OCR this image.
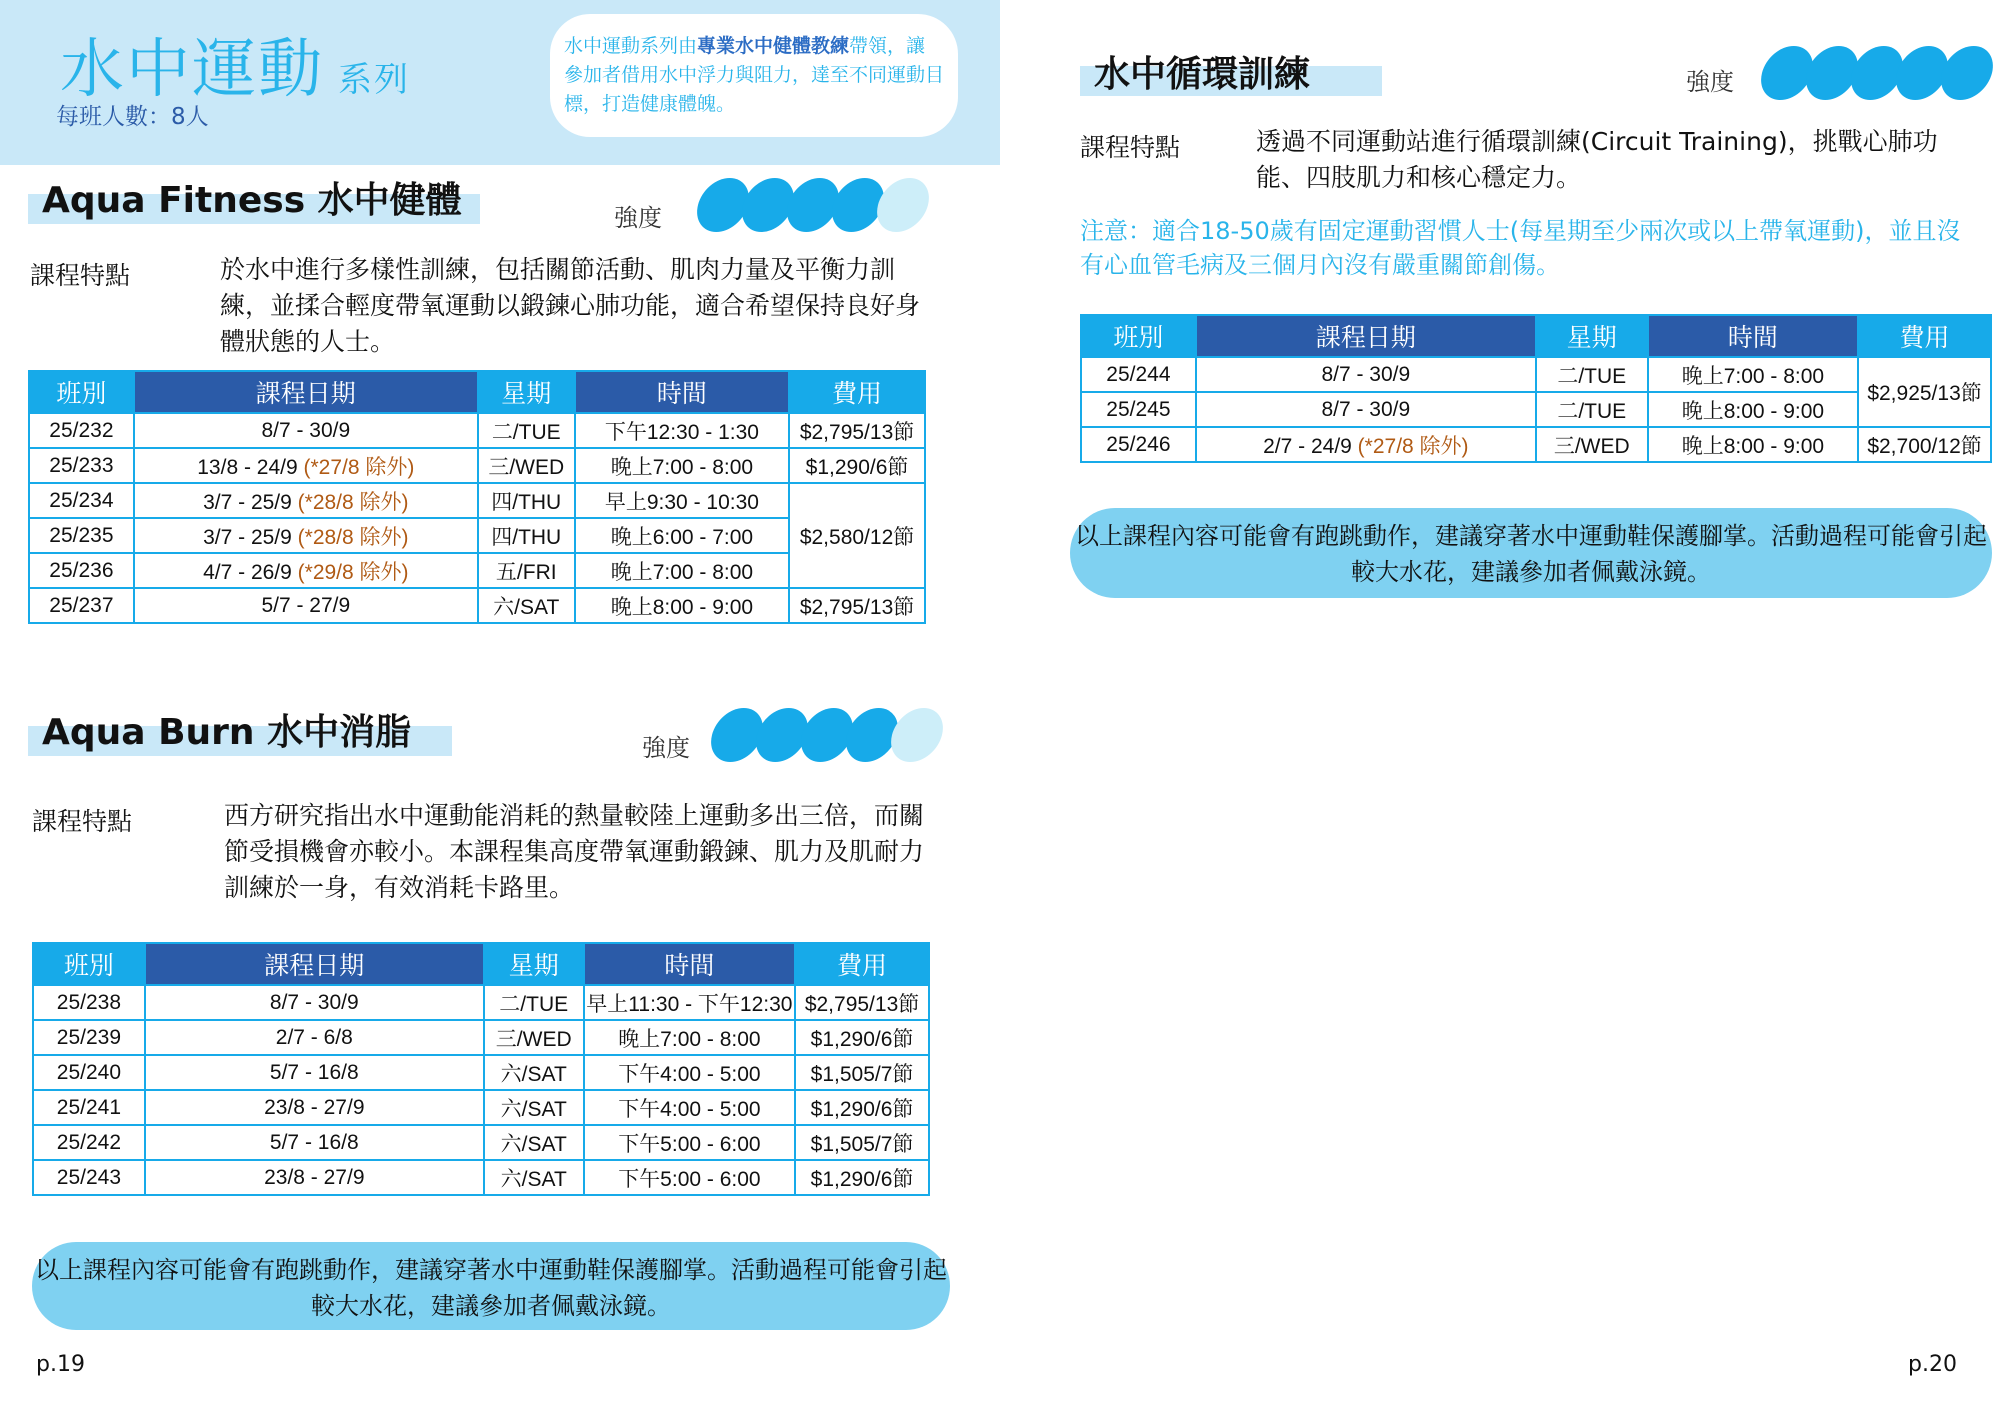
水中運動 系列
每班人數：8人
水中運動系列由專業水中健體教練帶領，讓參加者借用水中浮力與阻力，達至不同運動目標，打造健康體魄。
Aqua Fitness 水中健體	強度
課程特點	於水中進行多樣性訓練，包括關節活動、肌肉力量及平衡力訓練，並揉合輕度帶氧運動以鍛鍊心肺功能，適合希望保持良好身體狀態的人士。
班別	課程日期	星期	時間	費用
25/232	8/7 - 30/9	二/TUE	下午12:30 - 1:30	$2,795/13節
25/233	13/8 - 24/9 (*27/8 除外)	三/WED	晚上7:00 - 8:00	$1,290/6節
25/234	3/7 - 25/9 (*28/8 除外)	四/THU	早上9:30 - 10:30	$2,580/12節
25/235	3/7 - 25/9 (*28/8 除外)	四/THU	晚上6:00 - 7:00	
25/236	4/7 - 26/9 (*29/8 除外)	五/FRI	晚上7:00 - 8:00	
25/237	5/7 - 27/9	六/SAT	晚上8:00 - 9:00	$2,795/13節
Aqua Burn 水中消脂	強度
課程特點	西方研究指出水中運動能消耗的熱量較陸上運動多出三倍，而關節受損機會亦較小。本課程集高度帶氧運動鍛鍊、肌力及肌耐力訓練於一身，有效消耗卡路里。
班別	課程日期	星期	時間	費用
25/238	8/7 - 30/9	二/TUE	早上11:30 - 下午12:30	$2,795/13節
25/239	2/7 - 6/8	三/WED	晚上7:00 - 8:00	$1,290/6節
25/240	5/7 - 16/8	六/SAT	下午4:00 - 5:00	$1,505/7節
25/241	23/8 - 27/9	六/SAT	下午4:00 - 5:00	$1,290/6節
25/242	5/7 - 16/8	六/SAT	下午5:00 - 6:00	$1,505/7節
25/243	23/8 - 27/9	六/SAT	下午5:00 - 6:00	$1,290/6節
以上課程內容可能會有跑跳動作，建議穿著水中運動鞋保護腳掌。活動過程可能會引起較大水花，建議參加者佩戴泳鏡。
水中循環訓練	強度
課程特點	透過不同運動站進行循環訓練(Circuit Training)，挑戰心肺功能、四肢肌力和核心穩定力。
注意：適合18-50歲有固定運動習慣人士(每星期至少兩次或以上帶氧運動)，並且沒有心血管毛病及三個月內沒有嚴重關節創傷。
班別	課程日期	星期	時間	費用
25/244	8/7 - 30/9	二/TUE	晚上7:00 - 8:00	$2,925/13節
25/245	8/7 - 30/9	二/TUE	晚上8:00 - 9:00	
25/246	2/7 - 24/9 (*27/8 除外)	三/WED	晚上8:00 - 9:00	$2,700/12節
以上課程內容可能會有跑跳動作，建議穿著水中運動鞋保護腳掌。活動過程可能會引起較大水花，建議參加者佩戴泳鏡。
p.19	p.20
